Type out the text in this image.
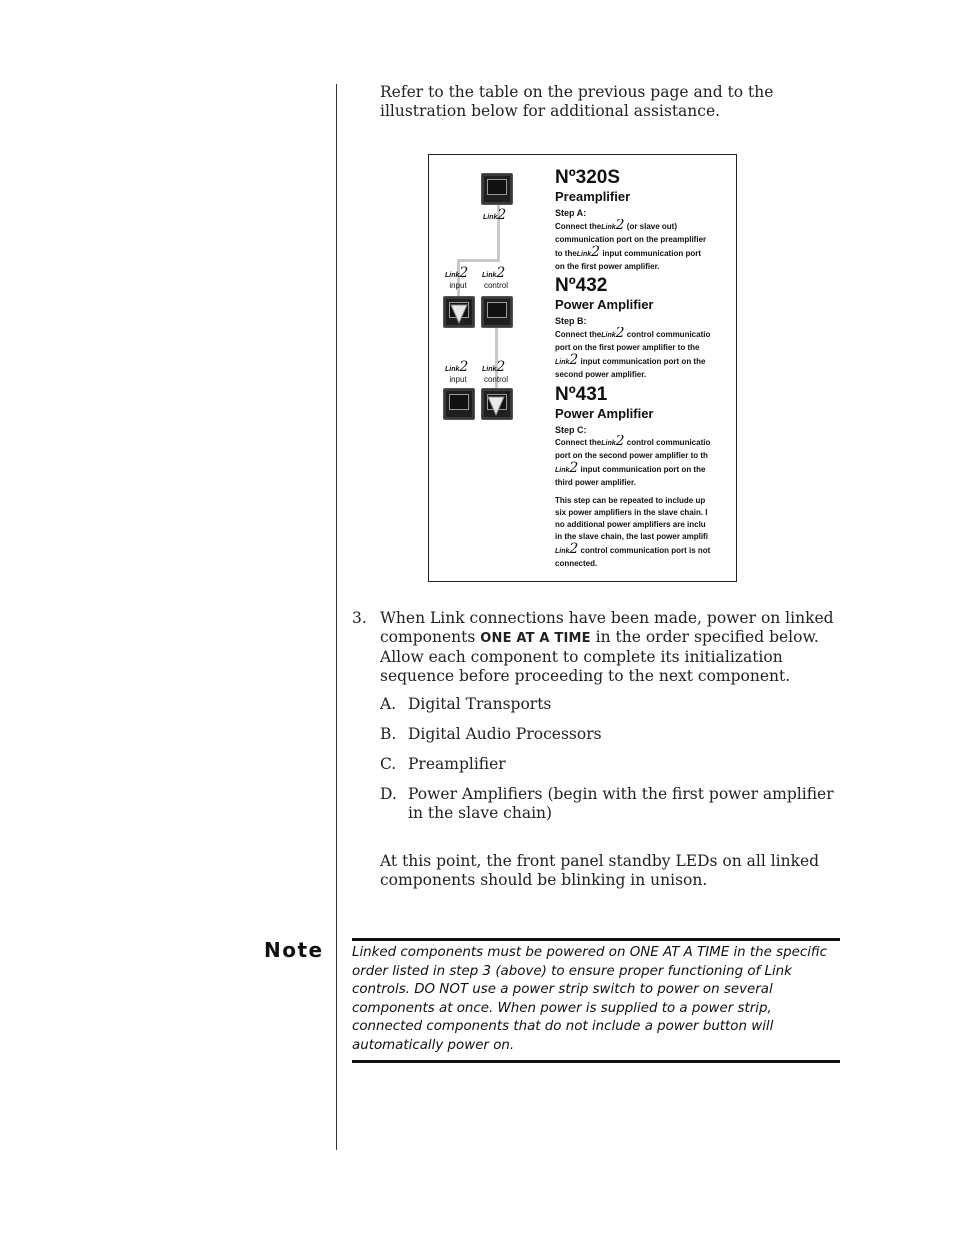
Refer to the table on the previous page and to the illustration below for additional assistance.

Link2
Link2 Link2
input	control
Link2 Link2
input	control
Nº320S
Preamplifier
Step A:
Connect theLink2 (or slave out)
communication port on the preamplifier
to theLink2 input communication port
on the first power amplifier.
Nº432
Power Amplifier
Step B:
Connect theLink2 control communicatio
port on the first power amplifier to the
Link2 input communication port on the
second power amplifier.
Nº431
Power Amplifier
Step C:
Connect theLink2 control communicatio
port on the second power amplifier to th
Link2 input communication port on the
third power amplifier.
This step can be repeated to include up
six power amplifiers in the slave chain. I
no additional power amplifiers are inclu
in the slave chain, the last power amplifi
Link2 control communication port is not
connected.
3. When Link connections have been made, power on linked components ONE AT A TIME in the order specified below. Allow each component to complete its initialization sequence before proceeding to the next component.

A. Digital Transports
B. Digital Audio Processors
C. Preamplifier
D. Power Amplifiers (begin with the first power amplifier in the slave chain)

At this point, the front panel standby LEDs on all linked components should be blinking in unison.

Note Linked components must be powered on ONE AT A TIME in the specific order listed in step 3 (above) to ensure proper functioning of Link controls. DO NOT use a power strip switch to power on several components at once. When power is supplied to a power strip, connected components that do not include a power button will automatically power on.
